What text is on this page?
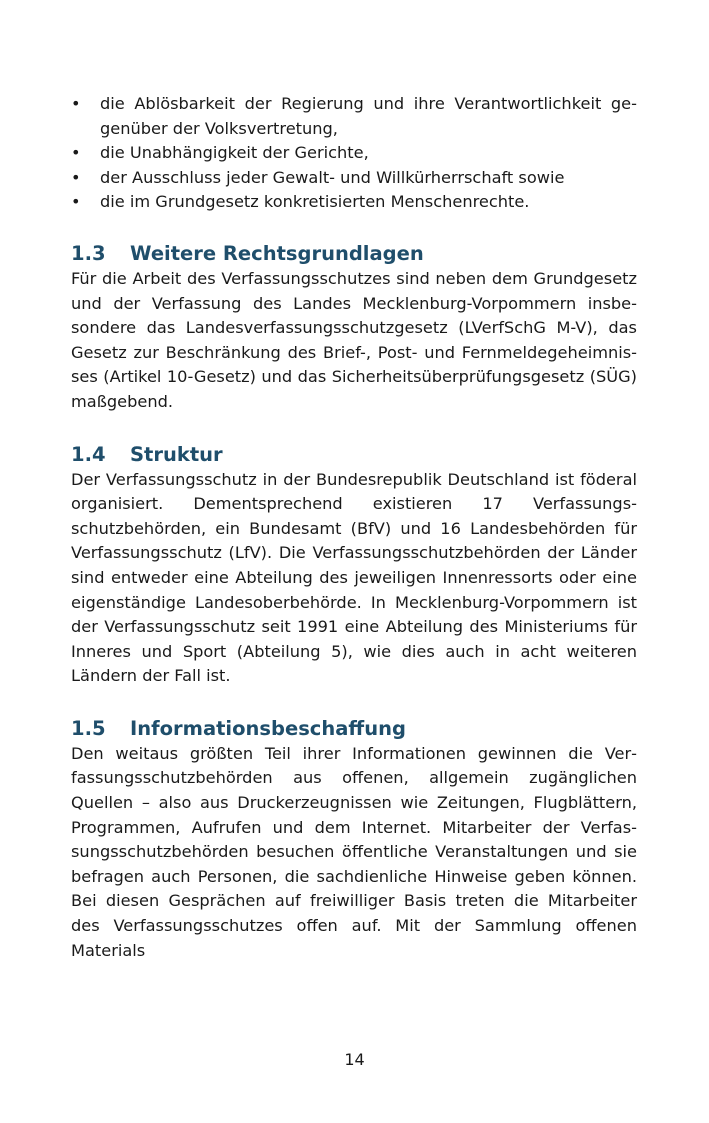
• die Ablösbarkeit der Regierung und ihre Verantwortlichkeit gegenüber der Volksvertretung,
• die Unabhängigkeit der Gerichte,
• der Ausschluss jeder Gewalt- und Willkürherrschaft sowie
• die im Grundgesetz konkretisierten Menschenrechte.
1.3	Weitere Rechtsgrundlagen

Für die Arbeit des Verfassungsschutzes sind neben dem Grundgesetz und der Verfassung des Landes Mecklenburg-Vorpommern insbesondere das Landesverfassungsschutzgesetz (LVerfSchG M-V), das Gesetz zur Beschränkung des Brief-, Post- und Fernmeldegeheimnisses (Artikel 10-Gesetz) und das Sicherheitsüberprüfungsgesetz (SÜG) maßgebend.

1.4	Struktur

Der Verfassungsschutz in der Bundesrepublik Deutschland ist föderal organisiert. Dementsprechend existieren 17 Verfassungsschutzbehörden, ein Bundesamt (BfV) und 16 Landesbehörden für Verfassungsschutz (LfV). Die Verfassungsschutzbehörden der Länder sind entweder eine Abteilung des jeweiligen Innenressorts oder eine eigenständige Landesoberbehörde. In Mecklenburg-Vorpommern ist der Verfassungsschutz seit 1991 eine Abteilung des Ministeriums für Inneres und Sport (Abteilung 5), wie dies auch in acht weiteren Ländern der Fall ist.

1.5	Informationsbeschaffung

Den weitaus größten Teil ihrer Informationen gewinnen die Verfassungsschutzbehörden aus offenen, allgemein zugänglichen Quellen – also aus Druckerzeugnissen wie Zeitungen, Flugblättern, Programmen, Aufrufen und dem Internet. Mitarbeiter der Verfassungsschutzbehörden besuchen öffentliche Veranstaltungen und sie befragen auch Personen, die sachdienliche Hinweise geben können. Bei diesen Gesprächen auf freiwilliger Basis treten die Mitarbeiter des Verfassungsschutzes offen auf. Mit der Sammlung offenen Materials

14
